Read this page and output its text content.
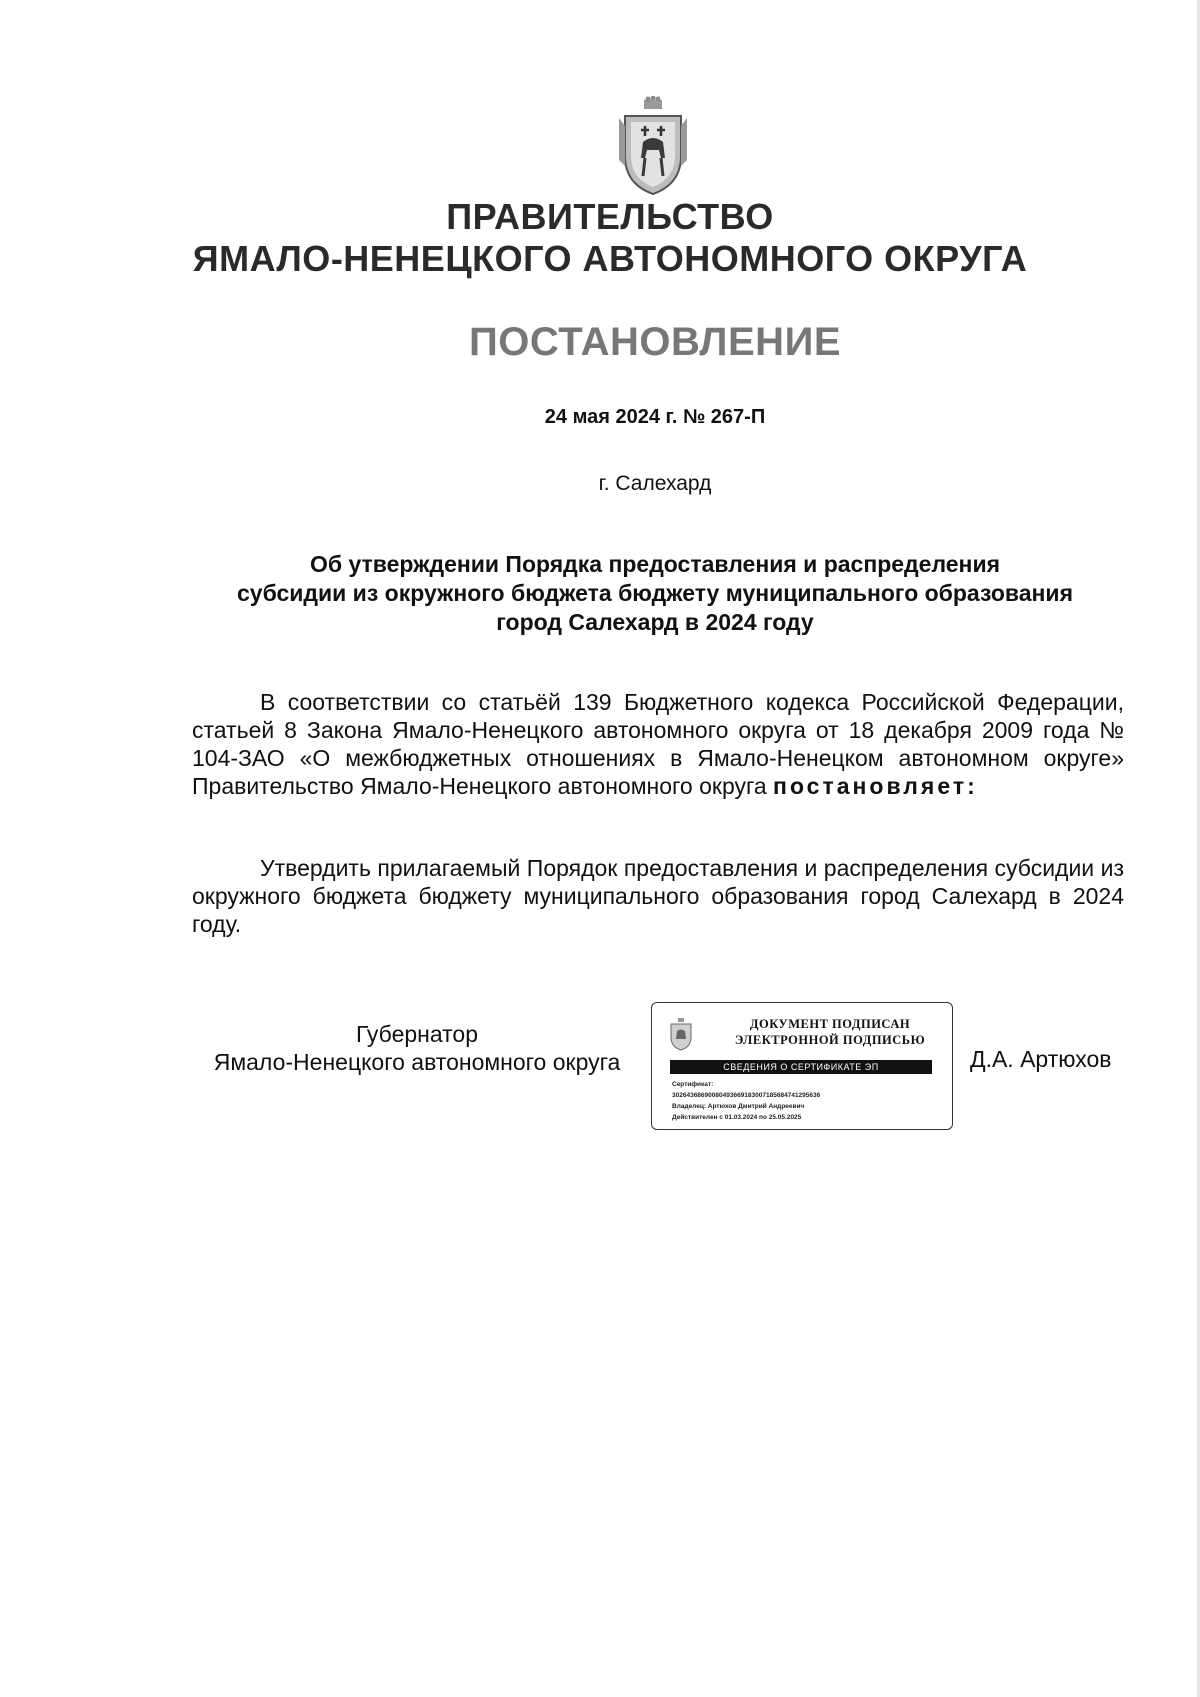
ПРАВИТЕЛЬСТВО
ЯМАЛО-НЕНЕЦКОГО АВТОНОМНОГО ОКРУГА
ПОСТАНОВЛЕНИЕ
24 мая 2024 г. № 267-П
г. Салехард
Об утверждении Порядка предоставления и распределения
субсидии из окружного бюджета бюджету муниципального образования
город Салехард в 2024 году
В соответствии со статьёй 139 Бюджетного кодекса Российской Федерации, статьей 8 Закона Ямало-Ненецкого автономного округа от 18 декабря 2009 года № 104-ЗАО «О межбюджетных отношениях в Ямало-Ненецком автономном округе» Правительство Ямало-Ненецкого автономного округа постановляет:
Утвердить прилагаемый Порядок предоставления и распределения субсидии из окружного бюджета бюджету муниципального образования город Салехард в 2024 году.
Губернатор
Ямало-Ненецкого автономного округа
ДОКУМЕНТ ПОДПИСАН
ЭЛЕКТРОННОЙ ПОДПИСЬЮ
СВЕДЕНИЯ О СЕРТИФИКАТЕ ЭП
Сертификат:
30264368690080493669183007185684741295636
Владелец: Артюхов Дмитрий Андреевич
Действителен с 01.03.2024 по 25.05.2025
Д.А. Артюхов
